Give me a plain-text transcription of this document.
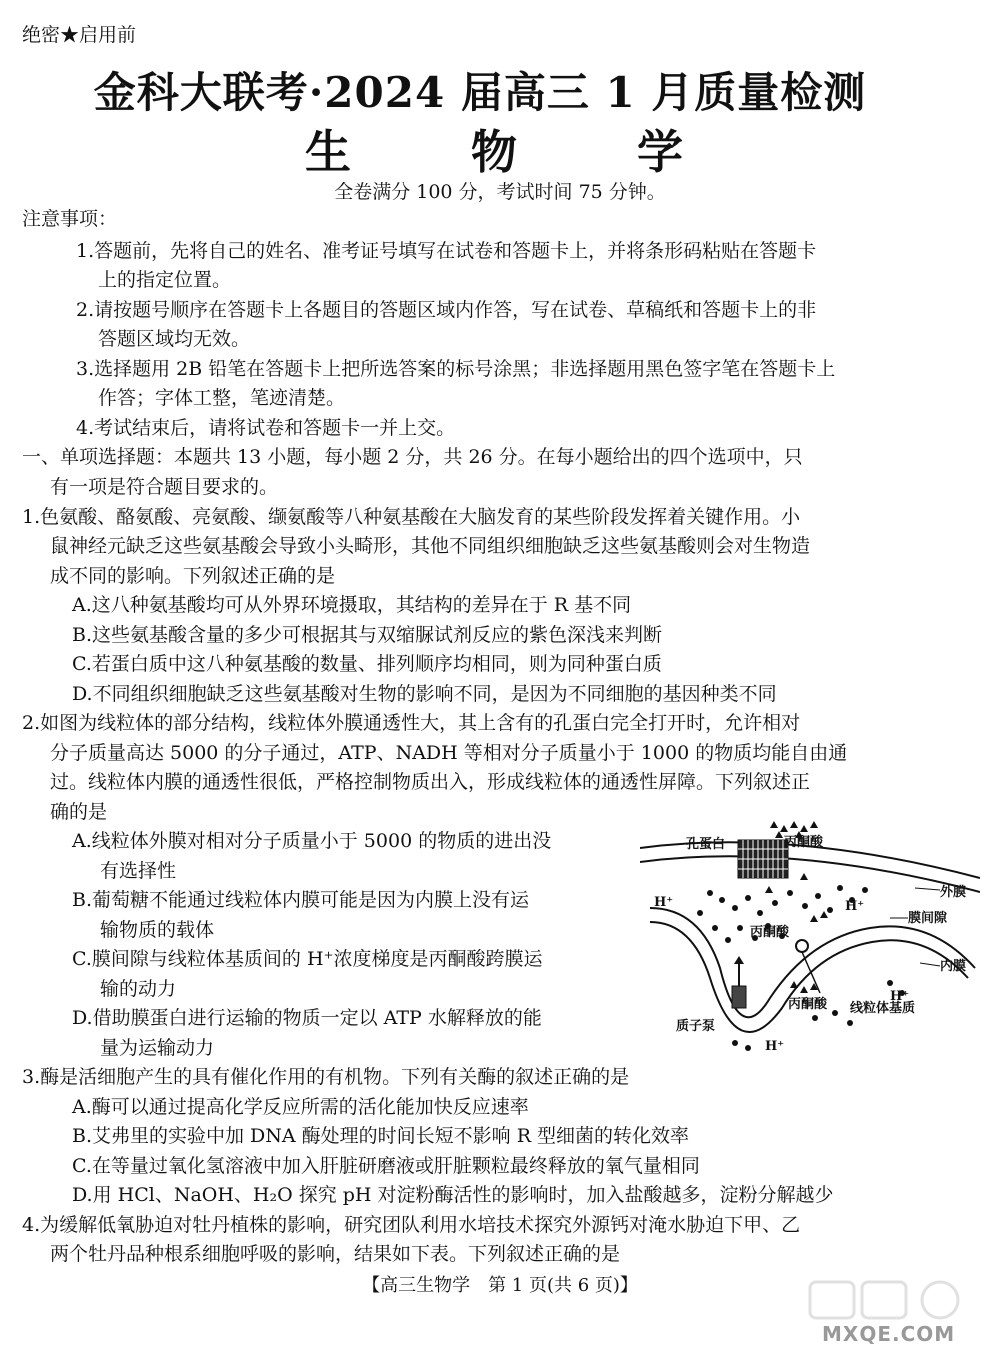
绝密★启用前
金科大联考·2024 届高三 1 月质量检测
生 物 学
全卷满分 100 分，考试时间 75 分钟。
注意事项：
1.答题前，先将自己的姓名、准考证号填写在试卷和答题卡上，并将条形码粘贴在答题卡
上的指定位置。
2.请按题号顺序在答题卡上各题目的答题区域内作答，写在试卷、草稿纸和答题卡上的非
答题区域均无效。
3.选择题用 2B 铅笔在答题卡上把所选答案的标号涂黑；非选择题用黑色签字笔在答题卡上
作答；字体工整，笔迹清楚。
4.考试结束后，请将试卷和答题卡一并上交。
一、单项选择题：本题共 13 小题，每小题 2 分，共 26 分。在每小题给出的四个选项中，只
有一项是符合题目要求的。
1.色氨酸、酪氨酸、亮氨酸、缬氨酸等八种氨基酸在大脑发育的某些阶段发挥着关键作用。小
鼠神经元缺乏这些氨基酸会导致小头畸形，其他不同组织细胞缺乏这些氨基酸则会对生物造
成不同的影响。下列叙述正确的是
A.这八种氨基酸均可从外界环境摄取，其结构的差异在于 R 基不同
B.这些氨基酸含量的多少可根据其与双缩脲试剂反应的紫色深浅来判断
C.若蛋白质中这八种氨基酸的数量、排列顺序均相同，则为同种蛋白质
D.不同组织细胞缺乏这些氨基酸对生物的影响不同，是因为不同细胞的基因种类不同
2.如图为线粒体的部分结构，线粒体外膜通透性大，其上含有的孔蛋白完全打开时，允许相对
分子质量高达 5000 的分子通过，ATP、NADH 等相对分子质量小于 1000 的物质均能自由通
过。线粒体内膜的通透性很低，严格控制物质出入，形成线粒体的通透性屏障。下列叙述正
确的是
A.线粒体外膜对相对分子质量小于 5000 的物质的进出没
有选择性
B.葡萄糖不能通过线粒体内膜可能是因为内膜上没有运
输物质的载体
C.膜间隙与线粒体基质间的 H⁺浓度梯度是丙酮酸跨膜运
输的动力
D.借助膜蛋白进行运输的物质一定以 ATP 水解释放的能
量为运输动力
孔蛋白	丙酮酸
外膜
膜间隙
丙酮酸
内膜
丙酮酸 线粒体基质
质子泵
H⁺	H⁺
H⁺
H⁺
3.酶是活细胞产生的具有催化作用的有机物。下列有关酶的叙述正确的是
A.酶可以通过提高化学反应所需的活化能加快反应速率
B.艾弗里的实验中加 DNA 酶处理的时间长短不影响 R 型细菌的转化效率
C.在等量过氧化氢溶液中加入肝脏研磨液或肝脏颗粒最终释放的氧气量相同
D.用 HCl、NaOH、H₂O 探究 pH 对淀粉酶活性的影响时，加入盐酸越多，淀粉分解越少
4.为缓解低氧胁迫对牡丹植株的影响，研究团队利用水培技术探究外源钙对淹水胁迫下甲、乙
两个牡丹品种根系细胞呼吸的影响，结果如下表。下列叙述正确的是
【高三生物学　第 1 页(共 6 页)】
MXQE.COM
